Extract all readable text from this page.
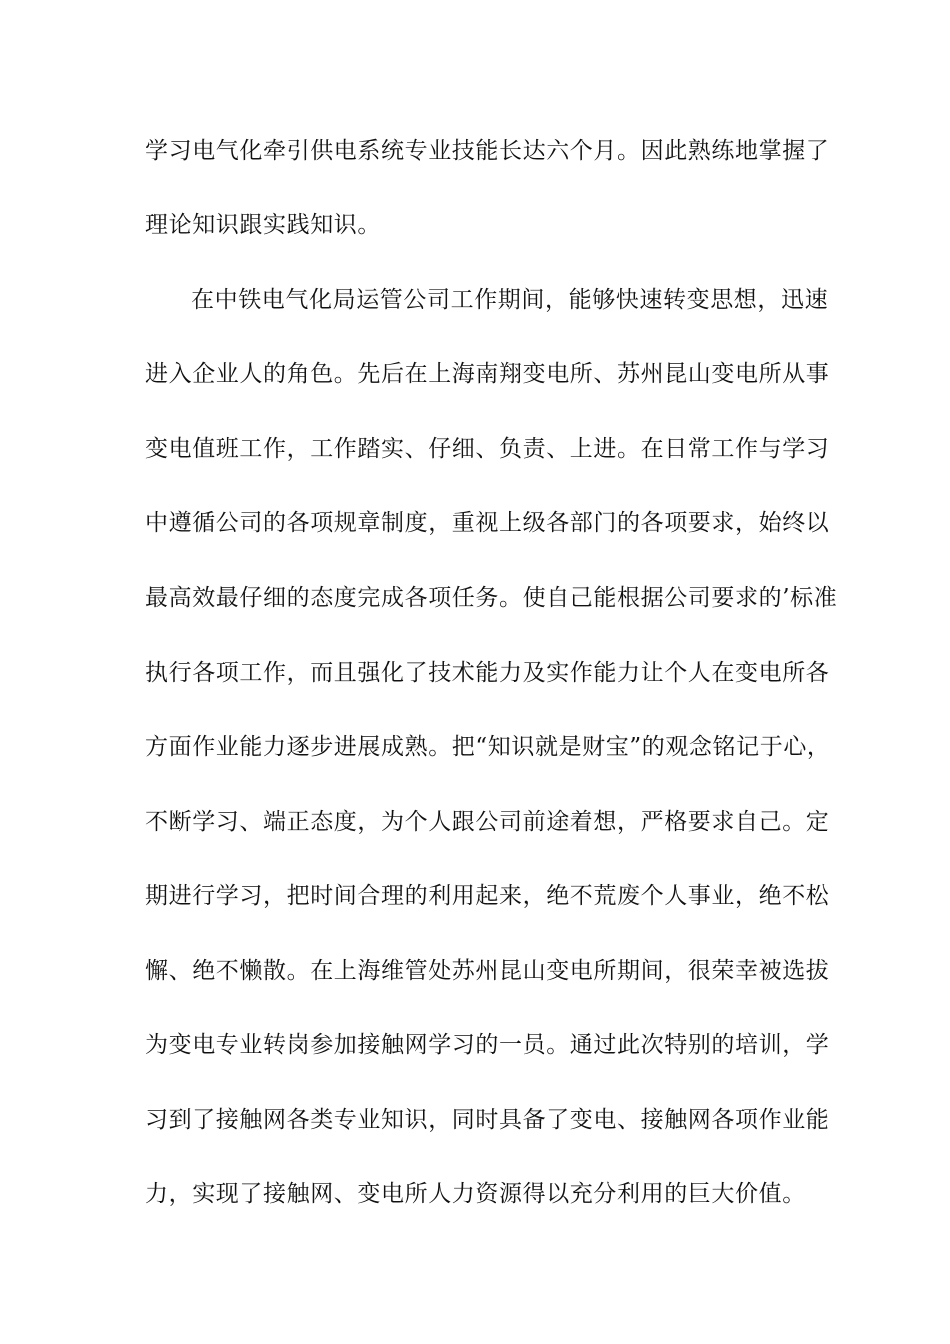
学习电气化牵引供电系统专业技能长达六个月。因此熟练地掌握了
理论知识跟实践知识。
在中铁电气化局运管公司工作期间，能够快速转变思想，迅速
进入企业人的角色。先后在上海南翔变电所、苏州昆山变电所从事
变电值班工作，工作踏实、仔细、负责、上进。在日常工作与学习
中遵循公司的各项规章制度，重视上级各部门的各项要求，始终以
最高效最仔细的态度完成各项任务。使自己能根据公司要求的’标准
执行各项工作，而且强化了技术能力及实作能力让个人在变电所各
方面作业能力逐步进展成熟。把“知识就是财宝”的观念铭记于心，
不断学习、端正态度，为个人跟公司前途着想，严格要求自己。定
期进行学习，把时间合理的利用起来，绝不荒废个人事业，绝不松
懈、绝不懒散。在上海维管处苏州昆山变电所期间，很荣幸被选拔
为变电专业转岗参加接触网学习的一员。通过此次特别的培训，学
习到了接触网各类专业知识，同时具备了变电、接触网各项作业能
力，实现了接触网、变电所人力资源得以充分利用的巨大价值。
